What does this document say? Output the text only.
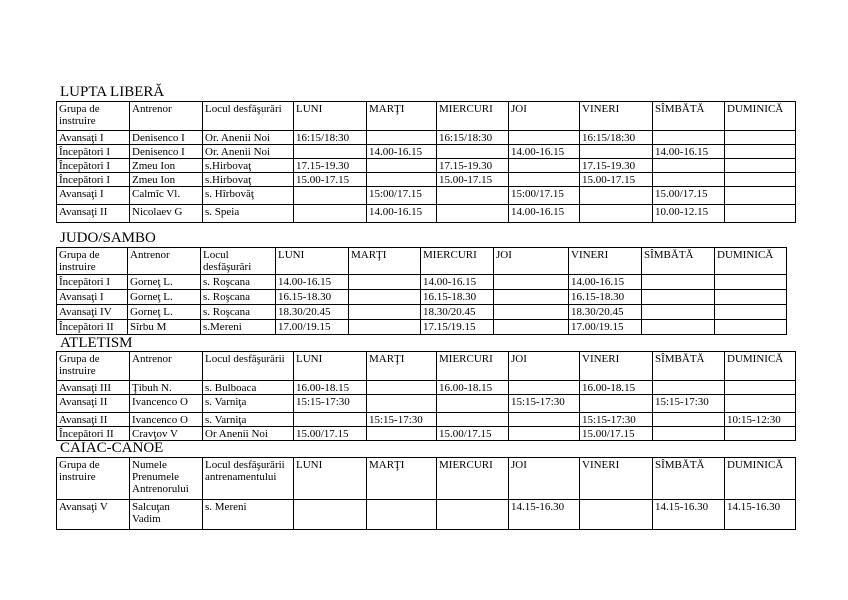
LUPTA LIBERĂ
Grupa de instruire	Antrenor	Locul desfăşurări	LUNI	MARŢI	MIERCURI	JOI	VINERI	SÎMBĂTĂ	DUMINICĂ
Avansaţi I	Denisenco I	Or. Anenii Noi	16:15/18:30		16:15/18:30		16:15/18:30		
Începători I	Denisenco I	Or. Anenii Noi		14.00-16.15		14.00-16.15		14.00-16.15	
Începători I	Zmeu Ion	s.Hirbovaţ	17.15-19.30		17.15-19.30		17.15-19.30		
Începători I	Zmeu Ion	s.Hirbovaţ	15.00-17.15		15.00-17.15		15.00-17.15		
Avansaţi I	Calmîc Vl.	s. Hîrbovăţ		15:00/17.15		15:00/17.15		15.00/17.15	
Avansaţi II	Nicolaev G	s. Speia		14.00-16.15		14.00-16.15		10.00-12.15	
JUDO/SAMBO
Grupa de instruire	Antrenor	Locul desfăşurări	LUNI	MARŢI	MIERCURI	JOI	VINERI	SÎMBĂTĂ	DUMINICĂ
Începători I	Gorneţ L.	s. Roşcana	14.00-16.15		14.00-16.15		14.00-16.15		
Avansaţi I	Gorneţ L.	s. Roşcana	16.15-18.30		16.15-18.30		16.15-18.30		
Avansaţi IV	Gorneţ L.	s. Roşcana	18.30/20.45		18.30/20.45		18.30/20.45		
Începători II	Sîrbu M	s.Mereni	17.00/19.15		17.15/19.15		17.00/19.15		
ATLETISM
Grupa de instruire	Antrenor	Locul desfăşurării	LUNI	MARŢI	MIERCURI	JOI	VINERI	SÎMBĂTĂ	DUMINICĂ
Avansaţi III	Ţibuh N.	s. Bulboaca	16.00-18.15		16.00-18.15		16.00-18.15		
Avansaţi II	Ivancenco O	s. Varniţa	15:15-17:30			15:15-17:30		15:15-17:30	
Avansaţi II	Ivancenco O	s. Varniţa		15:15-17:30			15:15-17:30		10:15-12:30
Începători II	Cravţov V	Or Anenii Noi	15.00/17.15		15.00/17.15		15.00/17.15		
CAIAC-CANOE
Grupa de instruire	Numele Prenumele Antrenorului	Locul desfăşurării antrenamentului	LUNI	MARŢI	MIERCURI	JOI	VINERI	SÎMBĂTĂ	DUMINICĂ
Avansaţi V	Salcuţan Vadim	s. Mereni				14.15-16.30		14.15-16.30	14.15-16.30
